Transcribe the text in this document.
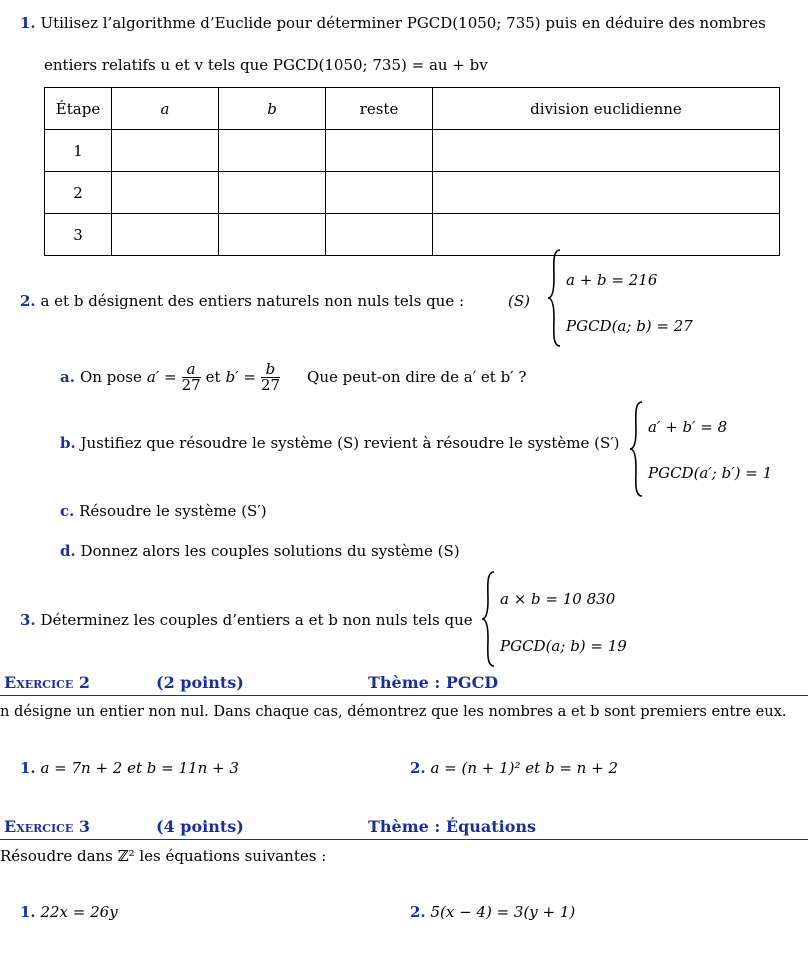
1. Utilisez l’algorithme d’Euclide pour déterminer PGCD(1050; 735) puis en déduire des nombres
entiers relatifs u et v tels que PGCD(1050; 735) = au + bv
Étape	a	b	reste	division euclidienne
1				
2				
3				
2. a et b désignent des entiers naturels non nuls tels que :	(S)
a + b = 216
PGCD(a; b) = 27
a. On pose $a' = \frac{a}{27}$ et $b' = \frac{b}{27}$ Que peut-on dire de a′ et b′ ?
b. Justifiez que résoudre le système (S) revient à résoudre le système (S′)
a′ + b′ = 8
PGCD(a′; b′) = 1
c. Résoudre le système (S′)
d. Donnez alors les couples solutions du système (S)
3. Déterminez les couples d’entiers a et b non nuls tels que
a × b = 10 830
PGCD(a; b) = 19
Exercice 2	(2 points)	Thème : PGCD
n désigne un entier non nul. Dans chaque cas, démontrez que les nombres a et b sont premiers entre eux.
1. a = 7n + 2 et b = 11n + 3	2. a = (n + 1)² et b = n + 2
Exercice 3	(4 points)	Thème : Équations
Résoudre dans ℤ² les équations suivantes :
1. 22x = 26y	2. 5(x − 4) = 3(y + 1)
